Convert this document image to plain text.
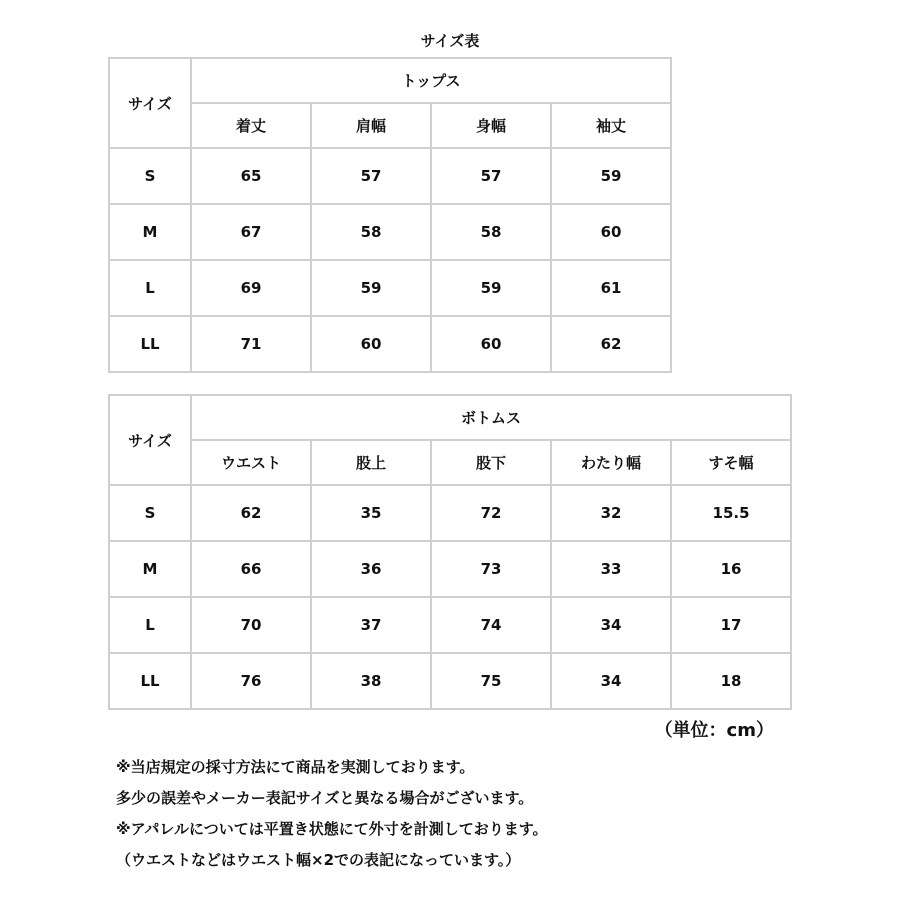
サイズ表
サイズ	トップス			
	着丈	肩幅	身幅	袖丈
S	65	57	57	59
M	67	58	58	60
L	69	59	59	61
LL	71	60	60	62
サイズ	ボトムス				
	ウエスト	股上	股下	わたり幅	すそ幅
S	62	35	72	32	15.5
M	66	36	73	33	16
L	70	37	74	34	17
LL	76	38	75	34	18
（単位：cm）
※当店規定の採寸方法にて商品を実測しております。
多少の誤差やメーカー表記サイズと異なる場合がございます。
※アパレルについては平置き状態にて外寸を計測しております。
（ウエストなどはウエスト幅×2での表記になっています。）
